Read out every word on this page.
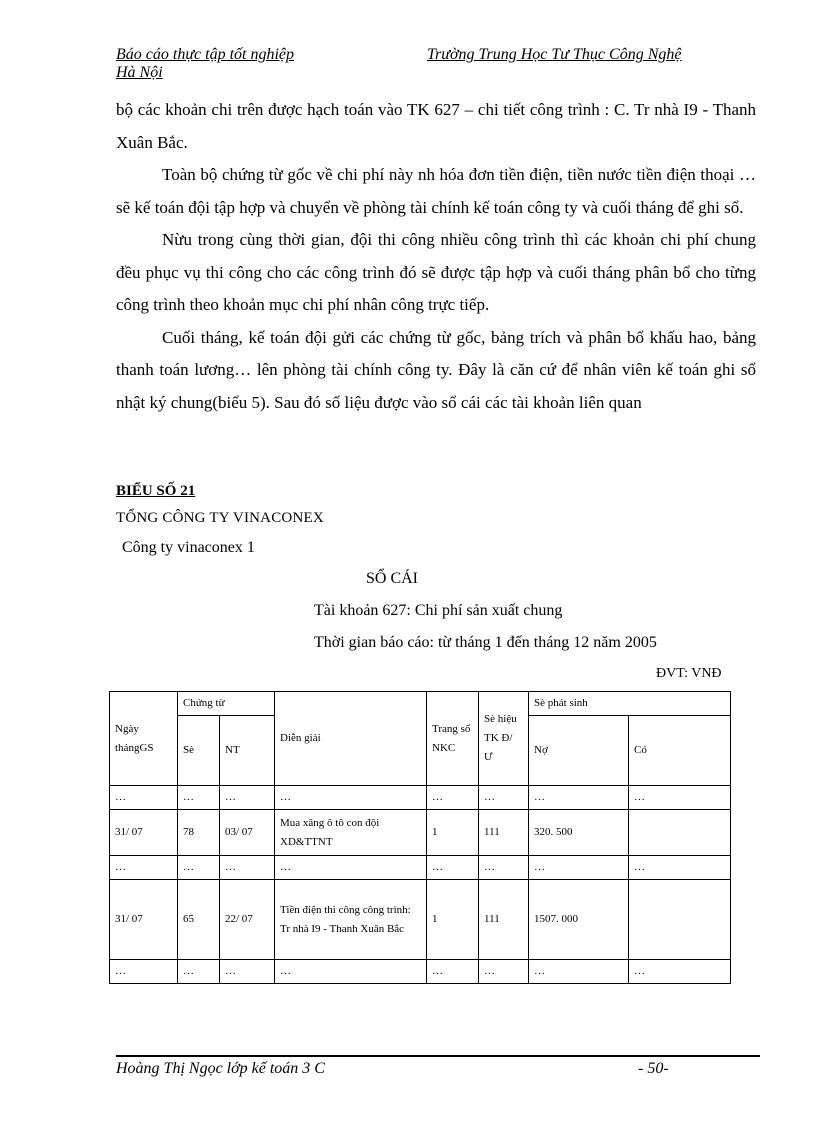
Báo cáo thực tập tốt nghiệp	Trường Trung Học Tư Thục Công Nghệ
Hà Nội

bộ các khoản chi trên được hạch toán vào TK 627 – chi tiết công trình : C. Tr nhà I9 - Thanh Xuân Bắc.

Toàn bộ chứng từ gốc về chi phí này nh hóa đơn tiền điện, tiền nước tiền điện thoại … sẽ kế toán đội tập hợp và chuyển về phòng tài chính kế toán công ty và cuối tháng để ghi sổ.

Nừu trong cùng thời gian, đội thi công nhiều công trình thì các khoản chi phí chung đều phục vụ thi công cho các công trình đó sẽ được tập hợp và cuối tháng phân bổ cho từng công trình theo khoản mục chi phí nhân công trực tiếp.

Cuối tháng, kế toán đội gửi các chứng từ gốc, bảng trích và phân bổ khấu hao, bảng thanh toán lương… lên phòng tài chính công ty. Đây là căn cứ để nhân viên kế toán ghi sổ nhật ký chung(biểu 5). Sau đó số liệu được vào sổ cái các tài khoản liên quan

BIỂU SỐ 21
TỔNG CÔNG TY VINACONEX
Công ty vinaconex 1
SỔ CÁI
Tài khoản 627: Chi phí sản xuất chung
Thời gian báo cáo: từ tháng 1 đến tháng 12 năm 2005
ĐVT: VNĐ
Ngày thángGS	Chứng từ		Diễn giải	Trang sổ NKC	Sè hiệu TK Đ/ Ư	Sè phát sinh	
	Sè	NT				Nợ	Có
…	…	…	…	…	…	…	…
31/ 07	78	03/ 07	Mua xăng ô tô con đội XD&TTNT	1	111	320. 500	
…	…	…	…	…	…	…	…
31/ 07	65	22/ 07	Tiền điện thi công công trình: Tr nhà I9 - Thanh Xuân Bắc	1	111	1507. 000	
…	…	…	…	…	…	…	…
Hoàng Thị Ngọc lớp kế toán 3 C	- 50-
